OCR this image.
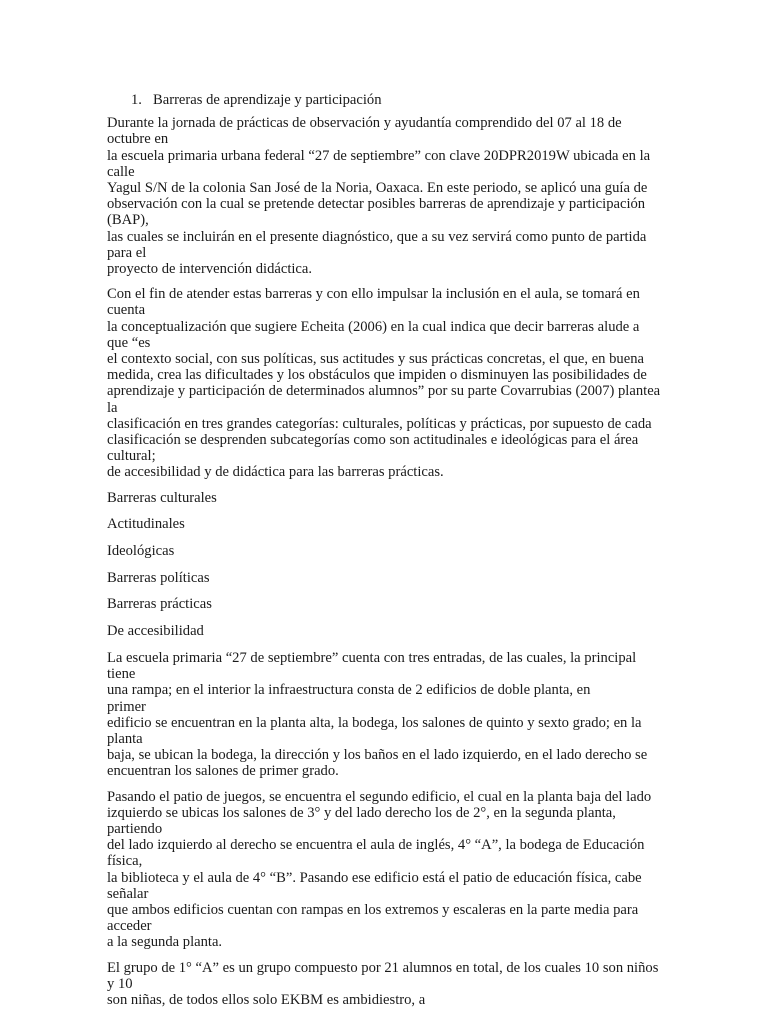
1. Barreras de aprendizaje y participación

Durante la jornada de prácticas de observación y ayudantía comprendido del 07 al 18 de octubre en
la escuela primaria urbana federal “27 de septiembre” con clave 20DPR2019W ubicada en la calle
Yagul S/N de la colonia San José de la Noria, Oaxaca. En este periodo, se aplicó una guía de
observación con la cual se pretende detectar posibles barreras de aprendizaje y participación (BAP),
las cuales se incluirán en el presente diagnóstico, que a su vez servirá como punto de partida para el
proyecto de intervención didáctica.

Con el fin de atender estas barreras y con ello impulsar la inclusión en el aula, se tomará en cuenta
la conceptualización que sugiere Echeita (2006) en la cual indica que decir barreras alude a que “es
el contexto social, con sus políticas, sus actitudes y sus prácticas concretas, el que, en buena
medida, crea las dificultades y los obstáculos que impiden o disminuyen las posibilidades de
aprendizaje y participación de determinados alumnos” por su parte Covarrubias (2007) plantea la
clasificación en tres grandes categorías: culturales, políticas y prácticas, por supuesto de cada
clasificación se desprenden subcategorías como son actitudinales e ideológicas para el área cultural;
de accesibilidad y de didáctica para las barreras prácticas.

Barreras culturales
Actitudinales
Ideológicas
Barreras políticas
Barreras prácticas
De accesibilidad

La escuela primaria “27 de septiembre” cuenta con tres entradas, de las cuales, la principal tiene
una rampa; en el interior la infraestructura consta de 2 edificios de doble planta, enprimer
edificio se encuentran en la planta alta, la bodega, los salones de quinto y sexto grado; en la planta
baja, se ubican la bodega, la dirección y los baños en el lado izquierdo, en el lado derecho se
encuentran los salones de primer grado.

Pasando el patio de juegos, se encuentra el segundo edificio, el cual en la planta baja del lado
izquierdo se ubicas los salones de 3° y del lado derecho los de 2°, en la segunda planta, partiendo
del lado izquierdo al derecho se encuentra el aula de inglés, 4° “A”, la bodega de Educación física,
la biblioteca y el aula de 4° “B”. Pasando ese edificio está el patio de educación física, cabe señalar
que ambos edificios cuentan con rampas en los extremos y escaleras en la parte media para acceder
a la segunda planta.

El grupo de 1° “A” es un grupo compuesto por 21 alumnos en total, de los cuales 10 son niños y 10
son niñas, de todos ellos solo EKBM es ambidiestro, a
